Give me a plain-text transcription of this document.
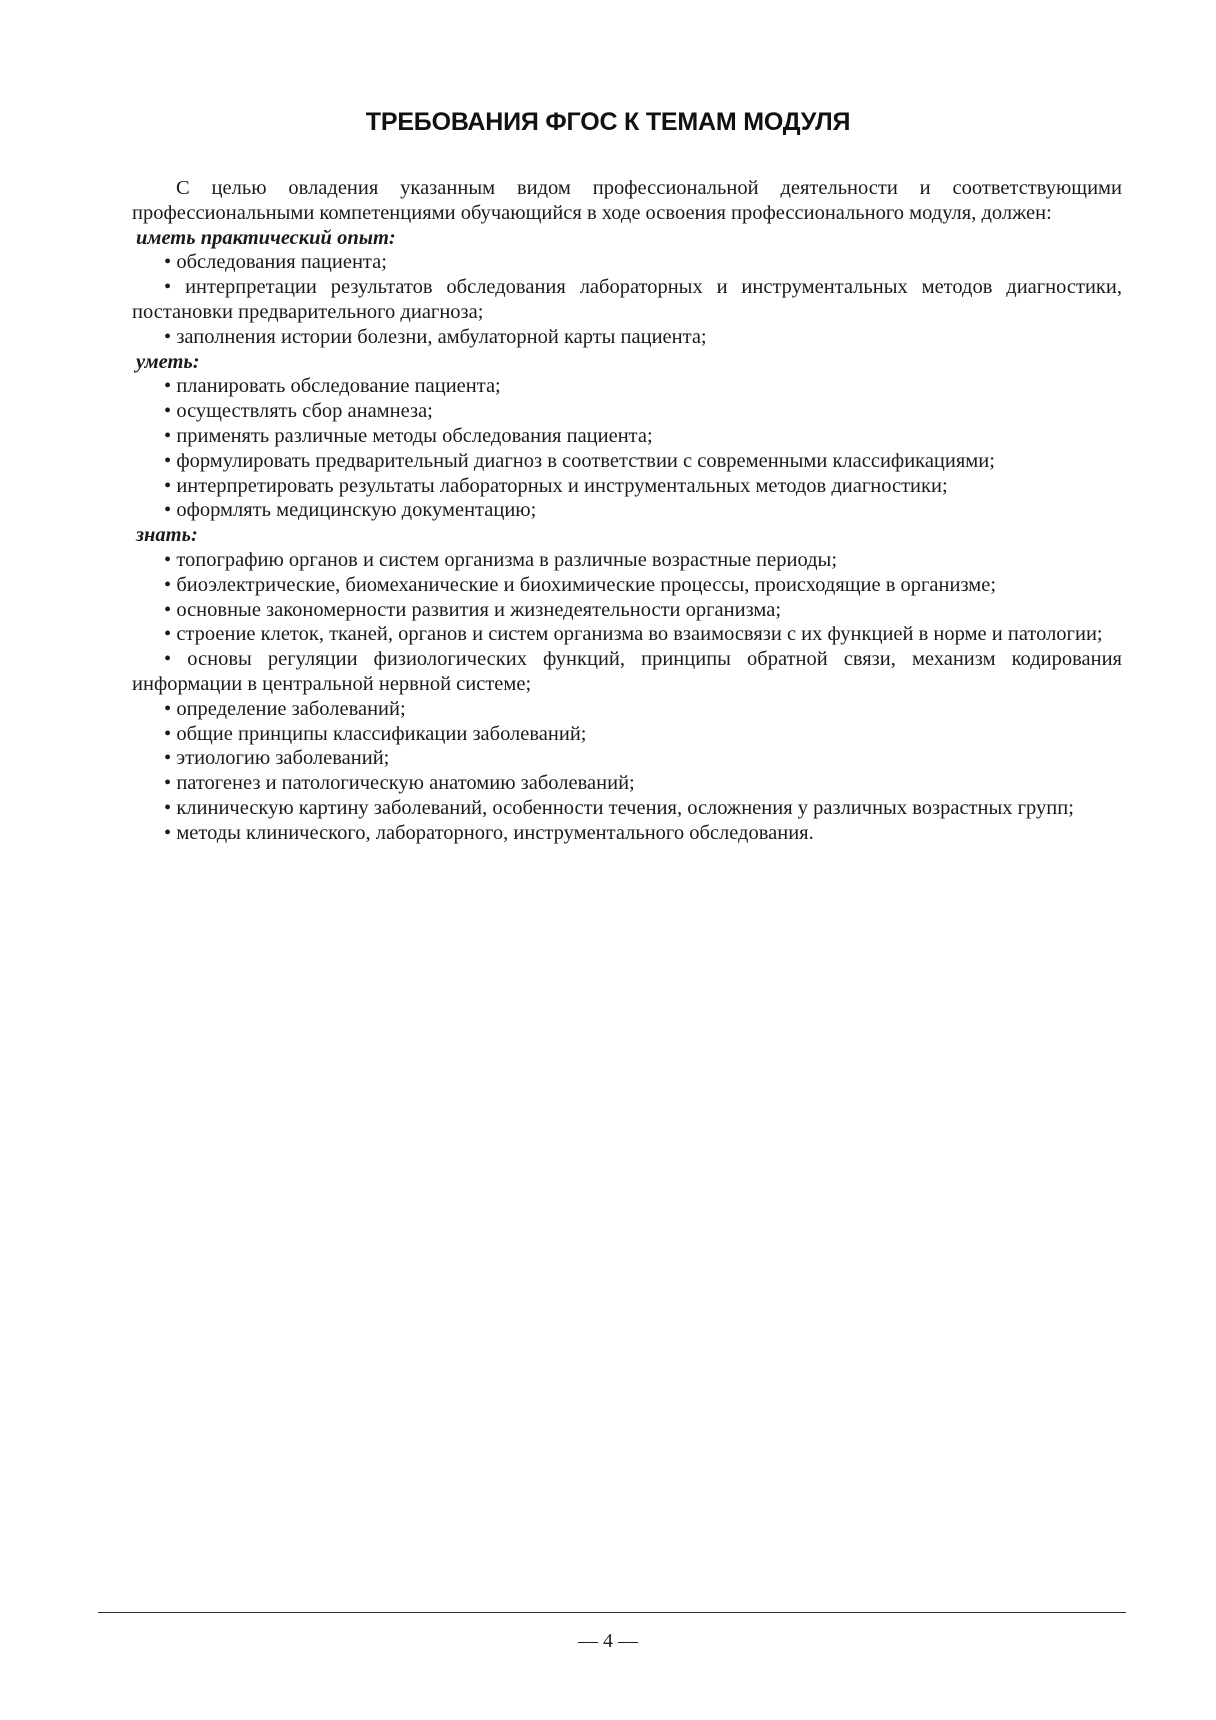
ТРЕБОВАНИЯ ФГОС К ТЕМАМ МОДУЛЯ

С целью овладения указанным видом профессиональной деятельности и соответствующими профессиональными компетенциями обучающийся в ходе освоения профессионального модуля, должен:

иметь практический опыт:

• обследования пациента;

• интерпретации результатов обследования лабораторных и инструментальных методов диагностики, постановки предварительного диагноза;

• заполнения истории болезни, амбулаторной карты пациента;

уметь:

• планировать обследование пациента;

• осуществлять сбор анамнеза;

• применять различные методы обследования пациента;

• формулировать предварительный диагноз в соответствии с современными классификациями;

• интерпретировать результаты лабораторных и инструментальных методов диагностики;

• оформлять медицинскую документацию;

знать:

• топографию органов и систем организма в различные возрастные периоды;

• биоэлектрические, биомеханические и биохимические процессы, происходящие в организме;

• основные закономерности развития и жизнедеятельности организма;

• строение клеток, тканей, органов и систем организма во взаимосвязи с их функцией в норме и патологии;

• основы регуляции физиологических функций, принципы обратной связи, механизм кодирования информации в центральной нервной системе;

• определение заболеваний;

• общие принципы классификации заболеваний;

• этиологию заболеваний;

• патогенез и патологическую анатомию заболеваний;

• клиническую картину заболеваний, особенности течения, осложнения у различных возрастных групп;

• методы клинического, лабораторного, инструментального обследования.

— 4 —
